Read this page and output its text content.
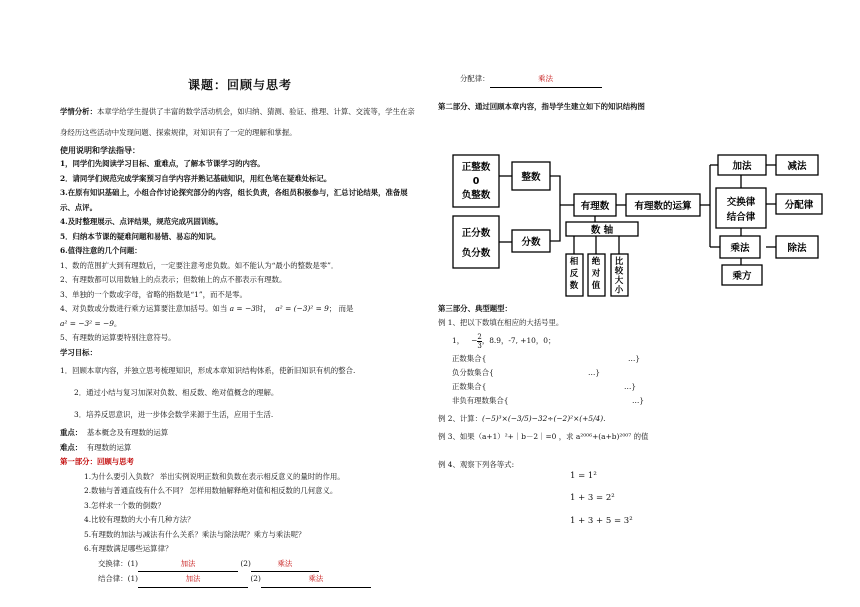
课题：回顾与思考

学情分析：本章学给学生提供了丰富的数学活动机会，如归纳、猜测、验证、推理、计算、交流等，学生在亲身经历这些活动中发现问题、探索规律，对知识有了一定的理解和掌握。

使用说明和学法指导：

1，同学们先阅读学习目标、重难点，了解本节课学习的内容。

2．请同学们规范完成学案预习自学内容并熟记基础知识，用红色笔在疑难处标记。

3.在原有知识基础上，小组合作讨论探究部分的内容，组长负责，各组员积极参与，汇总讨论结果，准备展示、点评。

4.及时整理展示、点评结果，规范完成巩固训练。

5．归纳本节课的疑难问题和易错、易忘的知识。

6.值得注意的几个问题：

1、数的范围扩大到有理数后，一定要注意考虑负数。如不能认为“最小的整数是零”．

2、有理数都可以用数轴上的点表示；但数轴上的点不都表示有理数。

3、单独的一个数或字母，省略的指数是“1”，而不是零。

4、对负数或分数进行乘方运算要注意加括号。如当 a = −3时， a² = (−3)² = 9； 而是

a² = −3² = −9。

5、有理数的运算要特别注意符号。

学习目标：

1．回顾本章内容，并独立思考梳理知识，形成本章知识结构体系，使新旧知识有机的整合.

2．通过小结与复习加深对负数、相反数、绝对值概念的理解。

3．培养反思意识，进一步体会数学来源于生活，应用于生活.

重点： 基本概念及有理数的运算

难点： 有理数的运算

第一部分：回顾与思考

1.为什么要引入负数？ 举出实例说明正数和负数在表示相反意义的量时的作用。

2.数轴与普通直线有什么不同？ 怎样用数轴解释绝对值和相反数的几何意义。

3.怎样求一个数的倒数？

4.比较有理数的大小有几种方法？

5.有理数的加法与减法有什么关系？乘法与除法呢？乘方与乘法呢？

6.有理数满足哪些运算律？

交换律：(1)	加法	(2)	乘法

结合律：(1)	加法	(2)	乘法

分配律：	乘法

第二部分、通过回顾本章内容，指导学生建立如下的知识结构图

正整数
0
负整数
整数
正分数
负分数
分数
有理数	有理数的运算
数 轴
加法	减法
交换律
结合律
分配律
乘法	除法
乘方
相反数
绝对值
比较大小

第三部分、典型题型：

例 1、把以下数填在相应的大括号里。

1， − $\frac{2}{3}$ ，8.9，-7, +10，0；

正数集合{	…}

负分数集合{	…}

正数集合{	…}

非负有理数集合{	…}

例 2、计算：(−5)³×(−3/5)−32÷(−2)²×(+5/4)．

例 3、如果（a+1）²+｜b－2｜=0 ，求 a²⁰⁰⁶+(a+b)²⁰⁰⁷ 的值

例 4、观察下列各等式:

1 = 1²
1 + 3 = 2²
1 + 3 + 5 = 3²
